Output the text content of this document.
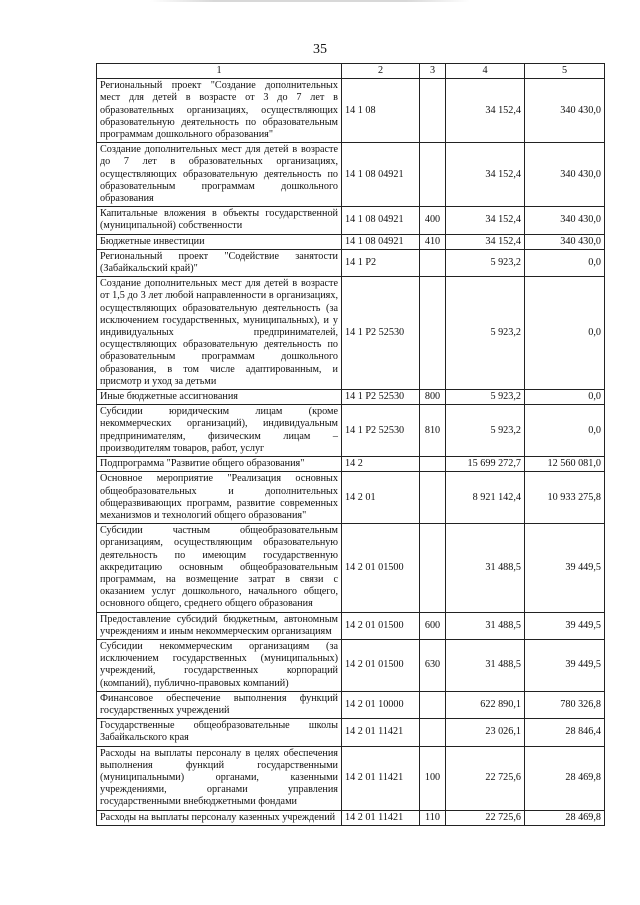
35
1	2	3	4	5
Региональный проект "Создание дополнительных мест для детей в возрасте от 3 до 7 лет в образовательных организациях, осуществляющих образовательную деятельность по образовательным программам дошкольного образования"	14 1 08		34 152,4	340 430,0
Создание дополнительных мест для детей в возрасте до 7 лет в образовательных организациях, осуществляющих образовательную деятельность по образовательным программам дошкольного образования	14 1 08 04921		34 152,4	340 430,0
Капитальные вложения в объекты государственной (муниципальной) собственности	14 1 08 04921	400	34 152,4	340 430,0
Бюджетные инвестиции	14 1 08 04921	410	34 152,4	340 430,0
Региональный проект "Содействие занятости (Забайкальский край)"	14 1 P2		5 923,2	0,0
Создание дополнительных мест для детей в возрасте от 1,5 до 3 лет любой направленности в организациях, осуществляющих образовательную деятельность (за исключением государственных, муниципальных), и у индивидуальных предпринимателей, осуществляющих образовательную деятельность по образовательным программам дошкольного образования, в том числе адаптированным, и присмотр и уход за детьми	14 1 P2 52530		5 923,2	0,0
Иные бюджетные ассигнования	14 1 P2 52530	800	5 923,2	0,0
Субсидии юридическим лицам (кроме некоммерческих организаций), индивидуальным предпринимателям, физическим лицам – производителям товаров, работ, услуг	14 1 P2 52530	810	5 923,2	0,0
Подпрограмма "Развитие общего образования"	14 2		15 699 272,7	12 560 081,0
Основное мероприятие "Реализация основных общеобразовательных и дополнительных общеразвивающих программ, развитие современных механизмов и технологий общего образования"	14 2 01		8 921 142,4	10 933 275,8
Субсидии частным общеобразовательным организациям, осуществляющим образовательную деятельность по имеющим государственную аккредитацию основным общеобразовательным программам, на возмещение затрат в связи с оказанием услуг дошкольного, начального общего, основного общего, среднего общего образования	14 2 01 01500		31 488,5	39 449,5
Предоставление субсидий бюджетным, автономным учреждениям и иным некоммерческим организациям	14 2 01 01500	600	31 488,5	39 449,5
Субсидии некоммерческим организациям (за исключением государственных (муниципальных) учреждений, государственных корпораций (компаний), публично-правовых компаний)	14 2 01 01500	630	31 488,5	39 449,5
Финансовое обеспечение выполнения функций государственных учреждений	14 2 01 10000		622 890,1	780 326,8
Государственные общеобразовательные школы Забайкальского края	14 2 01 11421		23 026,1	28 846,4
Расходы на выплаты персоналу в целях обеспечения выполнения функций государственными (муниципальными) органами, казенными учреждениями, органами управления государственными внебюджетными фондами	14 2 01 11421	100	22 725,6	28 469,8
Расходы на выплаты персоналу казенных учреждений	14 2 01 11421	110	22 725,6	28 469,8
